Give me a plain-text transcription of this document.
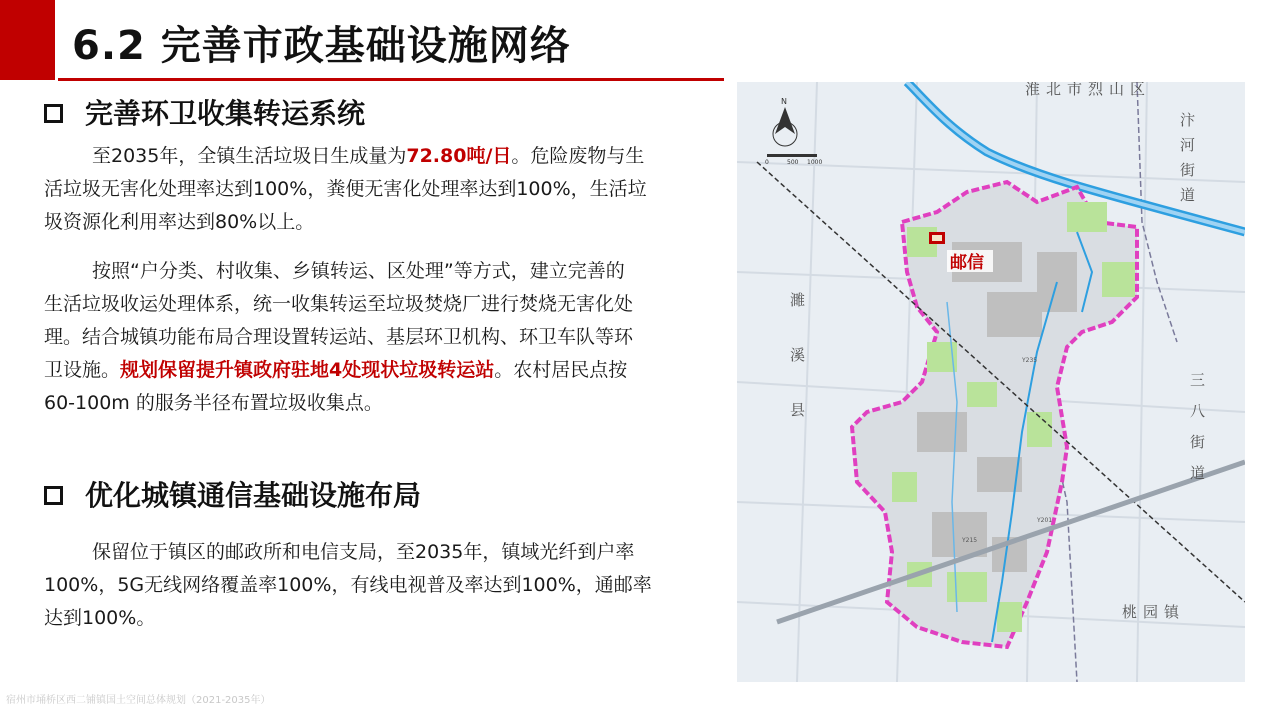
6.2 完善市政基础设施网络
完善环卫收集转运系统
至2035年，全镇生活垃圾日生成量为72.80吨/日。危险废物与生
活垃圾无害化处理率达到100%，粪便无害化处理率达到100%，生活垃
圾资源化利用率达到80%以上。
按照“户分类、村收集、乡镇转运、区处理”等方式，建立完善的
生活垃圾收运处理体系，统一收集转运至垃圾焚烧厂进行焚烧无害化处
理。结合城镇功能布局合理设置转运站、基层环卫机构、环卫车队等环
卫设施。规划保留提升镇政府驻地4处现状垃圾转运站。农村居民点按
60-100m 的服务半径布置垃圾收集点。
优化城镇通信基础设施布局
保留位于镇区的邮政所和电信支局，至2035年，镇域光纤到户率
100%，5G无线网络覆盖率100%，有线电视普及率达到100%，通邮率
达到100%。
N
0	500 1000
邮信
淮北市烈山区
汴河街道
濉溪县	三八街道
桃园镇
Y235
Y201
Y215
宿州市埇桥区西二铺镇国土空间总体规划（2021-2035年）
